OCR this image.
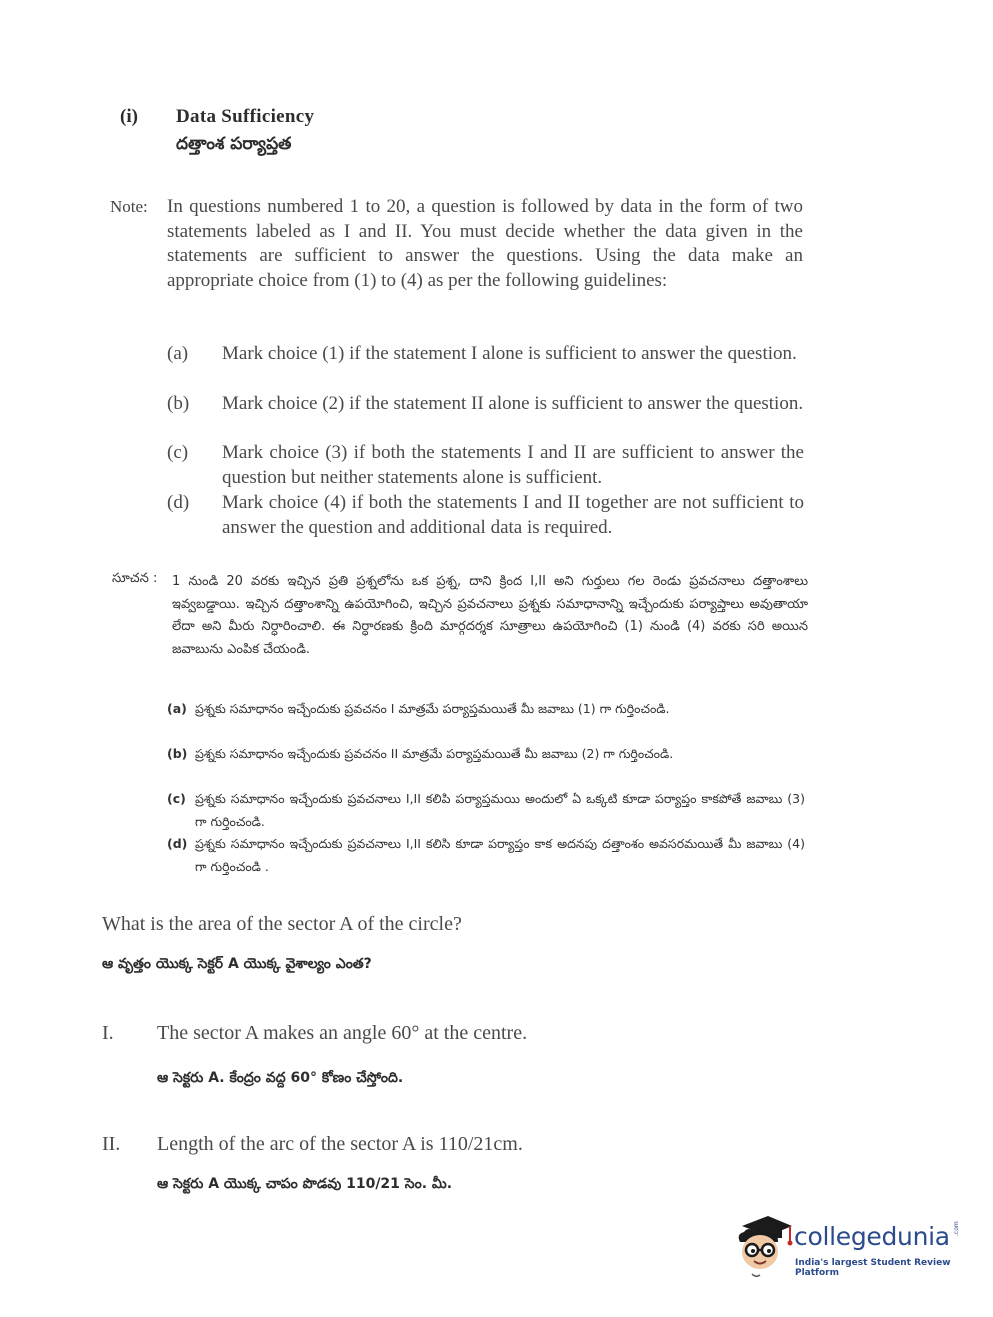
(i) Data Sufficiency
దత్తాంశ పర్యాప్తత
Note: In questions numbered 1 to 20, a question is followed by data in the form of two statements labeled as I and II. You must decide whether the data given in the statements are sufficient to answer the questions. Using the data make an appropriate choice from (1) to (4) as per the following guidelines:
(a) Mark choice (1) if the statement I alone is sufficient to answer the question.
(b) Mark choice (2) if the statement II alone is sufficient to answer the question.
(c) Mark choice (3) if both the statements I and II are sufficient to answer the question but neither statements alone is sufficient.
(d) Mark choice (4) if both the statements I and II together are not sufficient to answer the question and additional data is required.
సూచన : 1 నుండి 20 వరకు ఇచ్చిన ప్రతి ప్రశ్నలోను ఒక ప్రశ్న, దాని క్రింద I,II అని గుర్తులు గల రెండు ప్రవచనాలు దత్తాంశాలు ఇవ్వబడ్డాయి. ఇచ్చిన దత్తాంశాన్ని ఉపయోగించి, ఇచ్చిన ప్రవచనాలు ప్రశ్నకు సమాధానాన్ని ఇచ్చేందుకు పర్యాప్తాలు అవుతాయా లేదా అని మీరు నిర్ధారించాలి. ఈ నిర్ధారణకు క్రింది మార్గదర్శక సూత్రాలు ఉపయోగించి (1) నుండి (4) వరకు సరి అయిన జవాబును ఎంపిక చేయండి.
(a) ప్రశ్నకు సమాధానం ఇచ్చేందుకు ప్రవచనం I మాత్రమే పర్యాప్తమయితే మీ జవాబు (1) గా గుర్తించండి.
(b) ప్రశ్నకు సమాధానం ఇచ్చేందుకు ప్రవచనం II మాత్రమే పర్యాప్తమయితే మీ జవాబు (2) గా గుర్తించండి.
(c) ప్రశ్నకు సమాధానం ఇచ్చేందుకు ప్రవచనాలు I,II కలిపి పర్యాప్తమయి అందులో ఏ ఒక్కటి కూడా పర్యాప్తం కాకపోతే జవాబు (3) గా గుర్తించండి.
(d) ప్రశ్నకు సమాధానం ఇచ్చేందుకు ప్రవచనాలు I,II కలిసి కూడా పర్యాప్తం కాక అదనపు దత్తాంశం అవసరమయితే మీ జవాబు (4) గా గుర్తించండి .
What is the area of the sector A of the circle?
ఆ వృత్తం యొక్క సెక్టర్ A యొక్క వైశాల్యం ఎంత?
I. The sector A makes an angle 60° at the centre.
ఆ సెక్టరు A. కేంద్రం వద్ద 60° కోణం చేస్తోంది.
II. Length of the arc of the sector A is 110/21cm.
ఆ సెక్టరు A యొక్క చాపం పొడవు 110/21 సెం. మీ.
collegedunia .com
India's largest Student Review Platform
